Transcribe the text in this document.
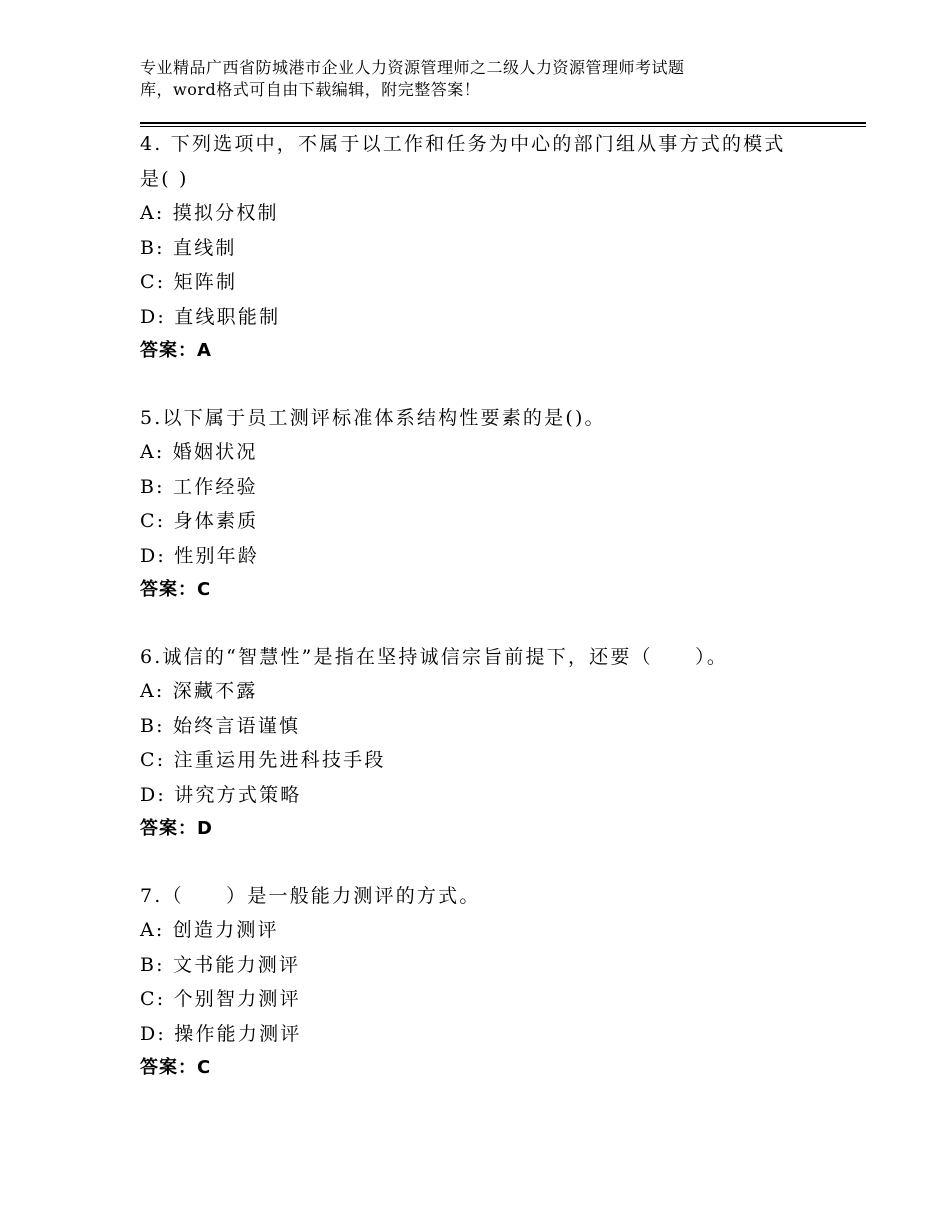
专业精品广西省防城港市企业人力资源管理师之二级人力资源管理师考试题
库，word格式可自由下载编辑，附完整答案！
4. 下列选项中，不属于以工作和任务为中心的部门组从事方式的模式
是( )
A: 摸拟分权制
B: 直线制
C: 矩阵制
D: 直线职能制
答案：A
5.以下属于员工测评标准体系结构性要素的是()。
A: 婚姻状况
B: 工作经验
C: 身体素质
D: 性别年龄
答案：C
6.诚信的“智慧性”是指在坚持诚信宗旨前提下，还要（　　）。
A: 深藏不露
B: 始终言语谨慎
C: 注重运用先进科技手段
D: 讲究方式策略
答案：D
7.（　　）是一般能力测评的方式。
A: 创造力测评
B: 文书能力测评
C: 个别智力测评
D: 操作能力测评
答案：C
